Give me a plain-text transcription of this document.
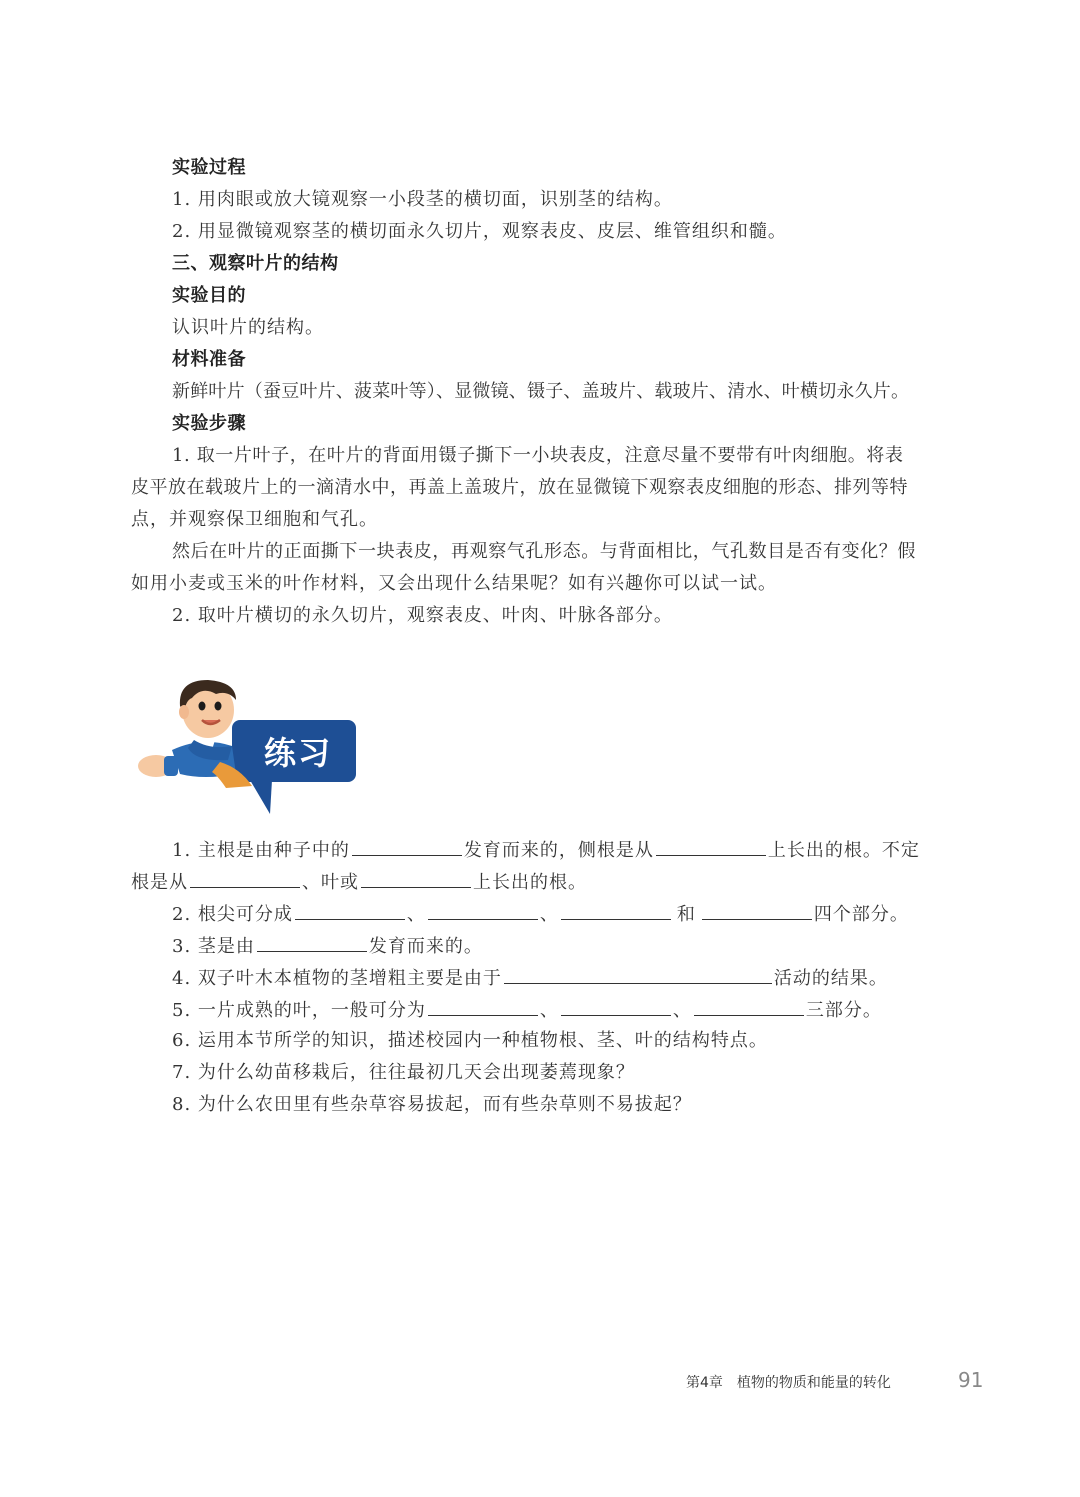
实验过程
1. 用肉眼或放大镜观察一小段茎的横切面，识别茎的结构。
2. 用显微镜观察茎的横切面永久切片，观察表皮、皮层、维管组织和髓。
三、观察叶片的结构
实验目的
认识叶片的结构。
材料准备
新鲜叶片（蚕豆叶片、菠菜叶等）、显微镜、镊子、盖玻片、载玻片、清水、叶横切永久片。
实验步骤
1. 取一片叶子，在叶片的背面用镊子撕下一小块表皮，注意尽量不要带有叶肉细胞。将表
皮平放在载玻片上的一滴清水中，再盖上盖玻片，放在显微镜下观察表皮细胞的形态、排列等特
点，并观察保卫细胞和气孔。
然后在叶片的正面撕下一块表皮，再观察气孔形态。与背面相比，气孔数目是否有变化？假
如用小麦或玉米的叶作材料，又会出现什么结果呢？如有兴趣你可以试一试。
2. 取叶片横切的永久切片，观察表皮、叶肉、叶脉各部分。
练习
1. 主根是由种子中的	发育而来的，侧根是从	上长出的根。不定
根是从	、叶或	上长出的根。
2. 根尖可分成	、	、	和	四个部分。
3. 茎是由	发育而来的。
4. 双子叶木本植物的茎增粗主要是由于	活动的结果。
5. 一片成熟的叶，一般可分为	、	、	三部分。
6. 运用本节所学的知识，描述校园内一种植物根、茎、叶的结构特点。
7. 为什么幼苗移栽后，往往最初几天会出现萎蔫现象？
8. 为什么农田里有些杂草容易拔起，而有些杂草则不易拔起？
第4章 植物的物质和能量的转化	91
